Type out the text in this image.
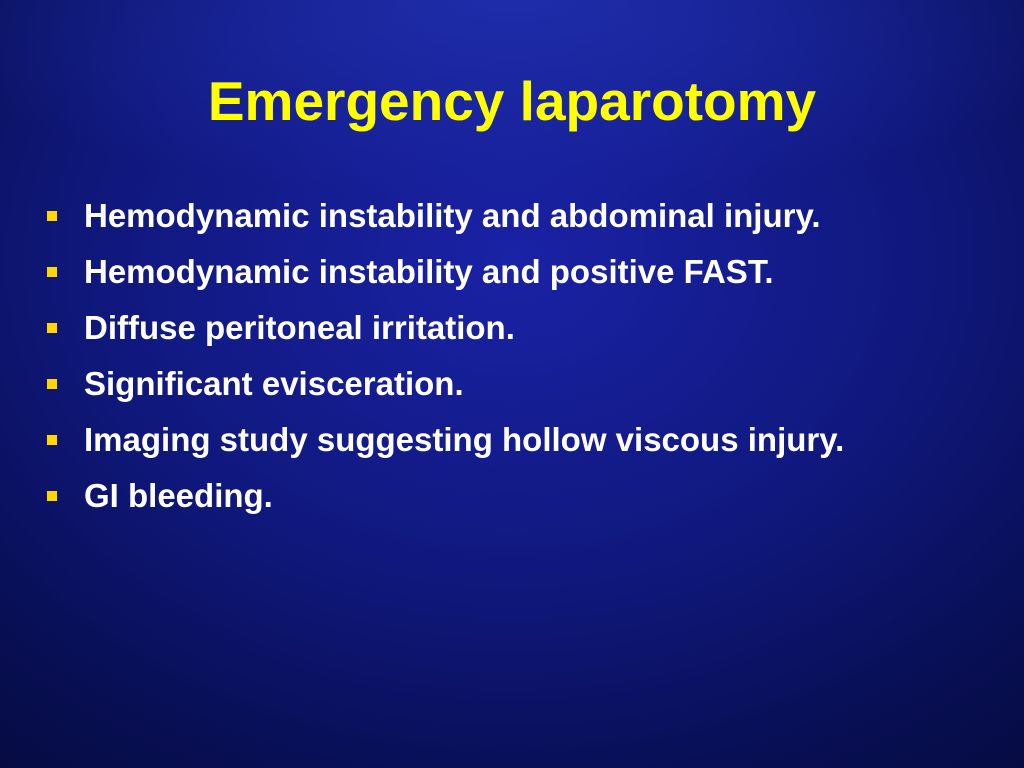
Emergency laparotomy
Hemodynamic instability and abdominal injury.
Hemodynamic instability and positive FAST.
Diffuse peritoneal irritation.
Significant evisceration.
Imaging study suggesting hollow viscous injury.
GI bleeding.
